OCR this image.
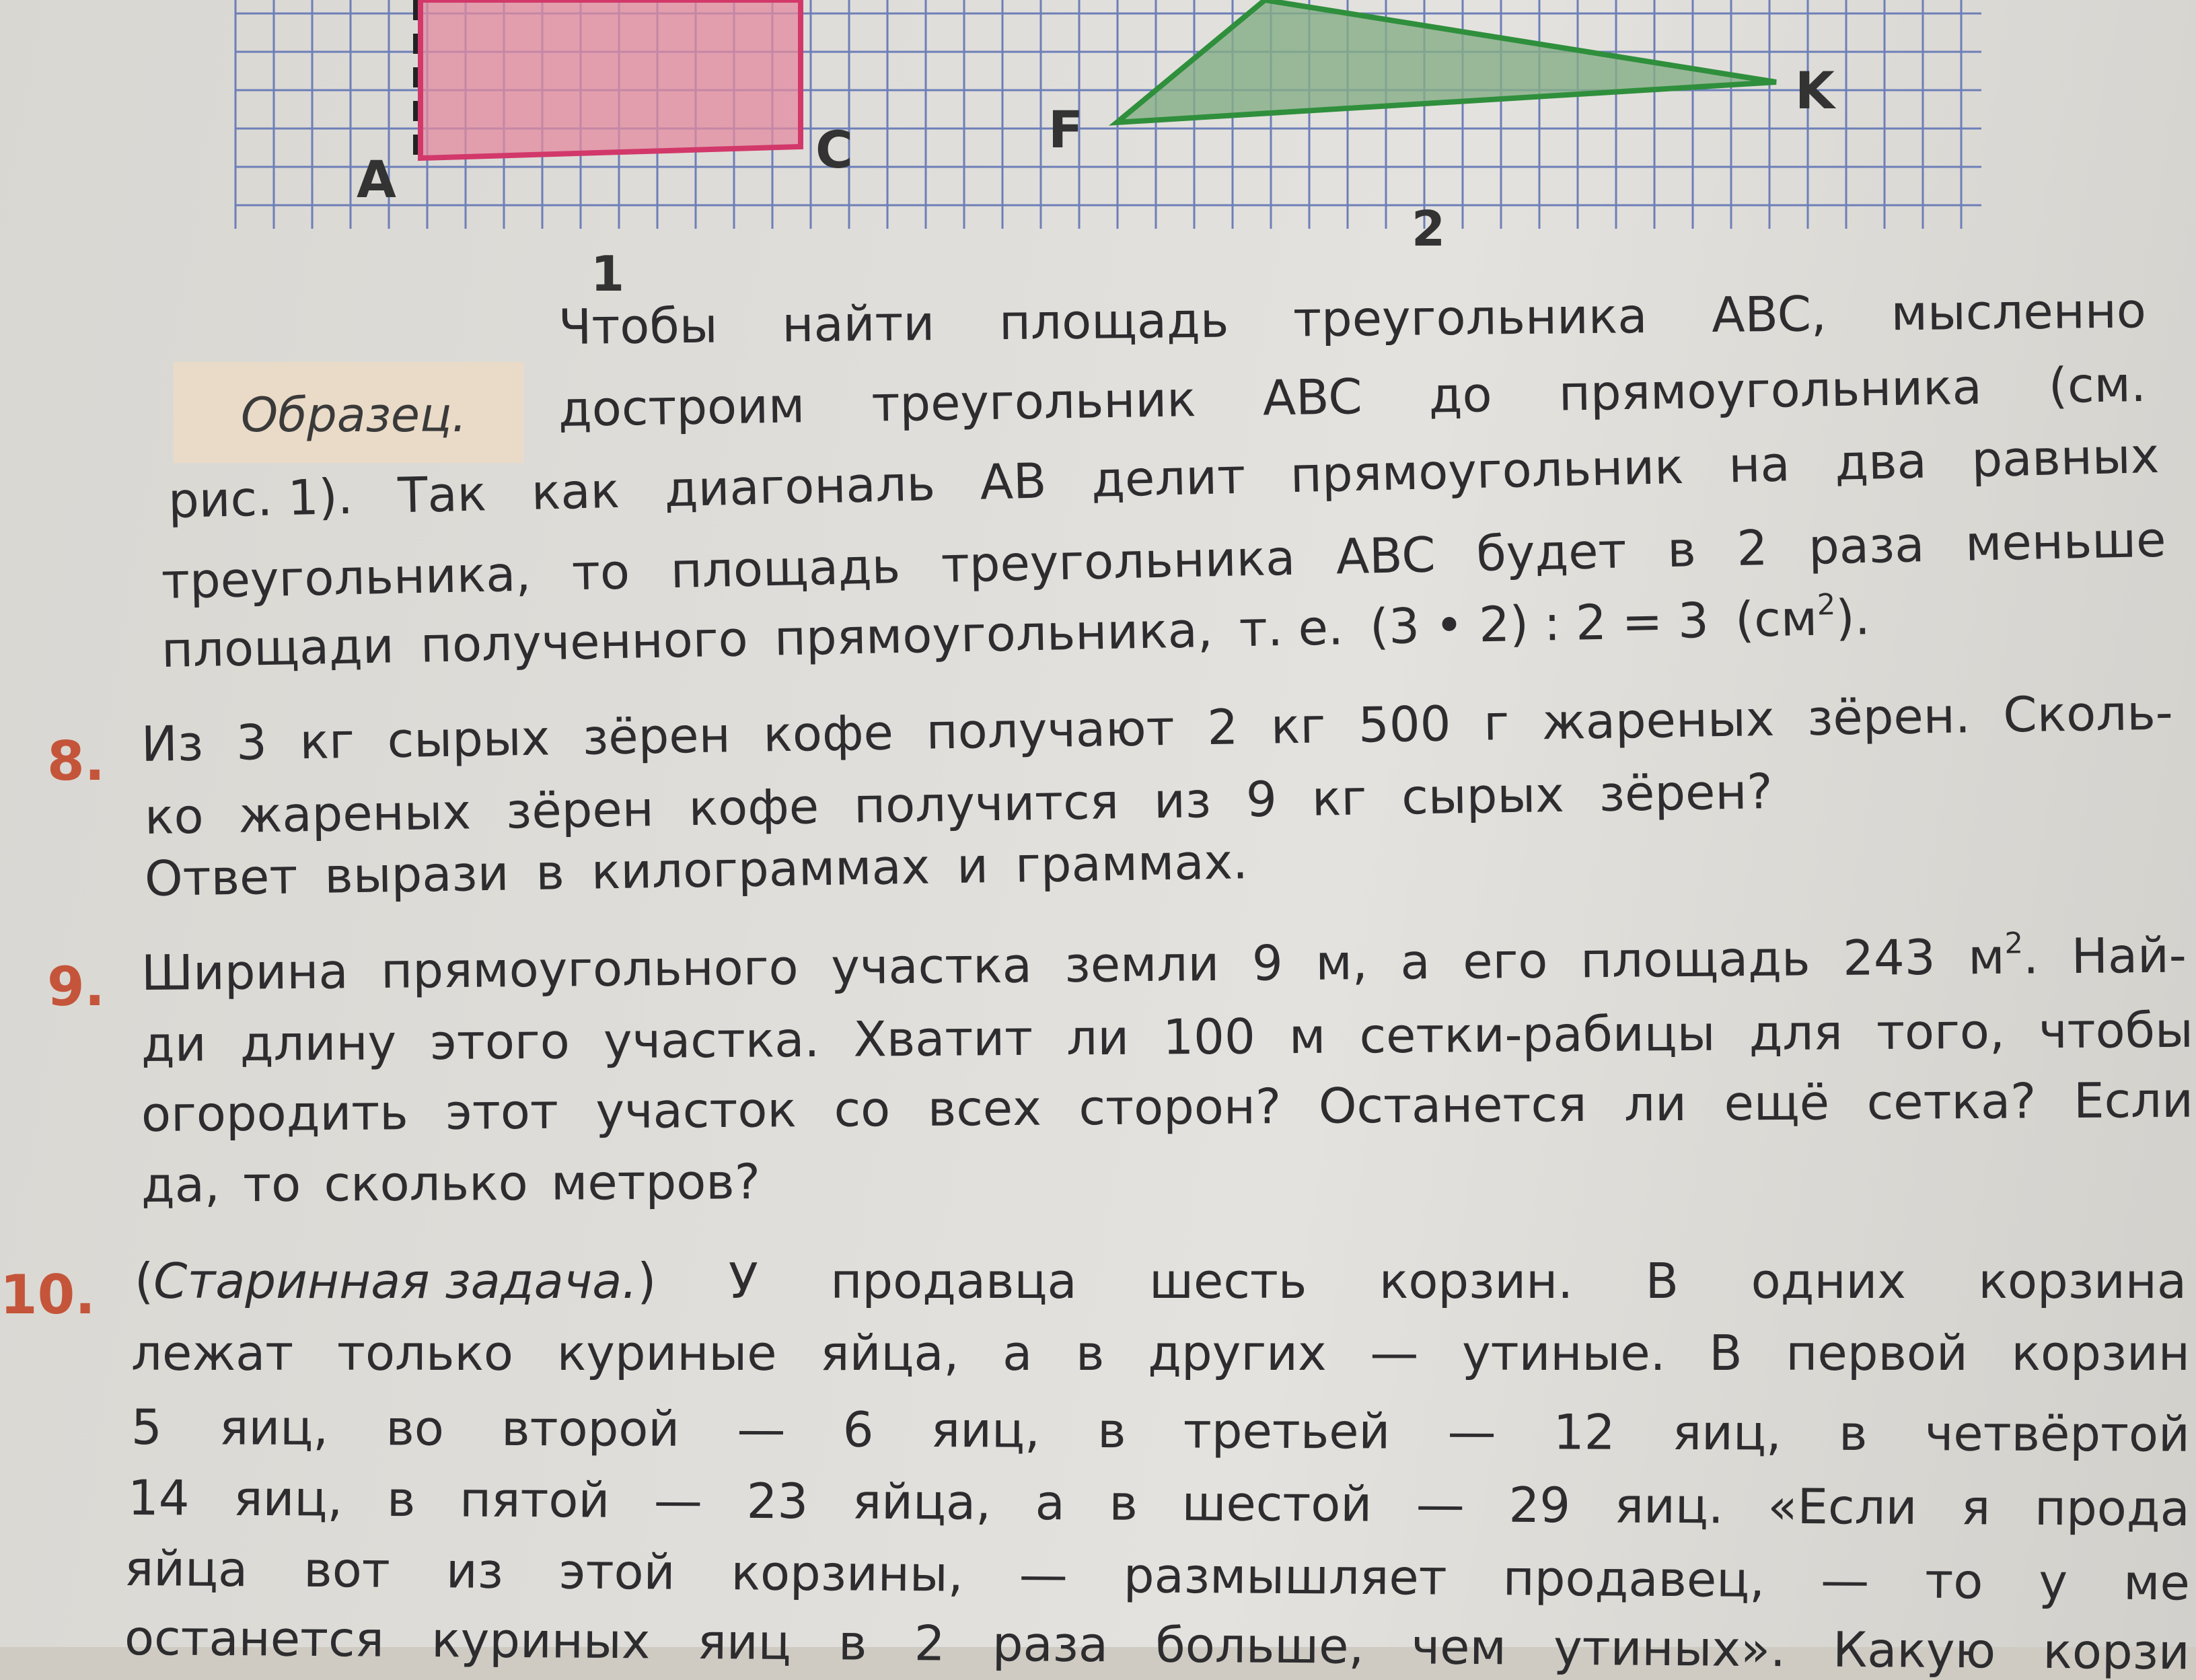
A	C	F
K
1
2
Образец.
Чтобы найти площадь треугольника ABC, мысленно
достроим треугольник ABC до прямоугольника (см.
рис. 1). Так как диагональ AB делит прямоугольник на два равных
треугольника, то площадь треугольника ABC будет в 2 раза меньше
площади полученного прямоугольника, т. е. (3 • 2) : 2 = 3 $(см^2)$.
8. Из 3 кг сырых зёрен кофе получают 2 кг 500 г жареных зёрен. Сколь-
ко жареных зёрен кофе получится из 9 кг сырых зёрен?
Ответ вырази в килограммах и граммах.
9. Ширина прямоугольного участка земли 9 м, а его площадь 243 $м^2$. Най-
ди длину этого участка. Хватит ли 100 м сетки-рабицы для того, чтобы
огородить этот участок со всех сторон? Останется ли ещё сетка? Если
да, то сколько метров?
10. (Старинная задача.) У продавца шесть корзин. В одних корзина
лежат только куриные яйца, а в других — утиные. В первой корзин
5 яиц, во второй — 6 яиц, в третьей — 12 яиц, в четвёртой
14 яиц, в пятой — 23 яйца, а в шестой — 29 яиц. «Если я прода
яйца вот из этой корзины, — размышляет продавец, — то у ме
останется куриных яиц в 2 раза больше, чем утиных». Какую корзи
